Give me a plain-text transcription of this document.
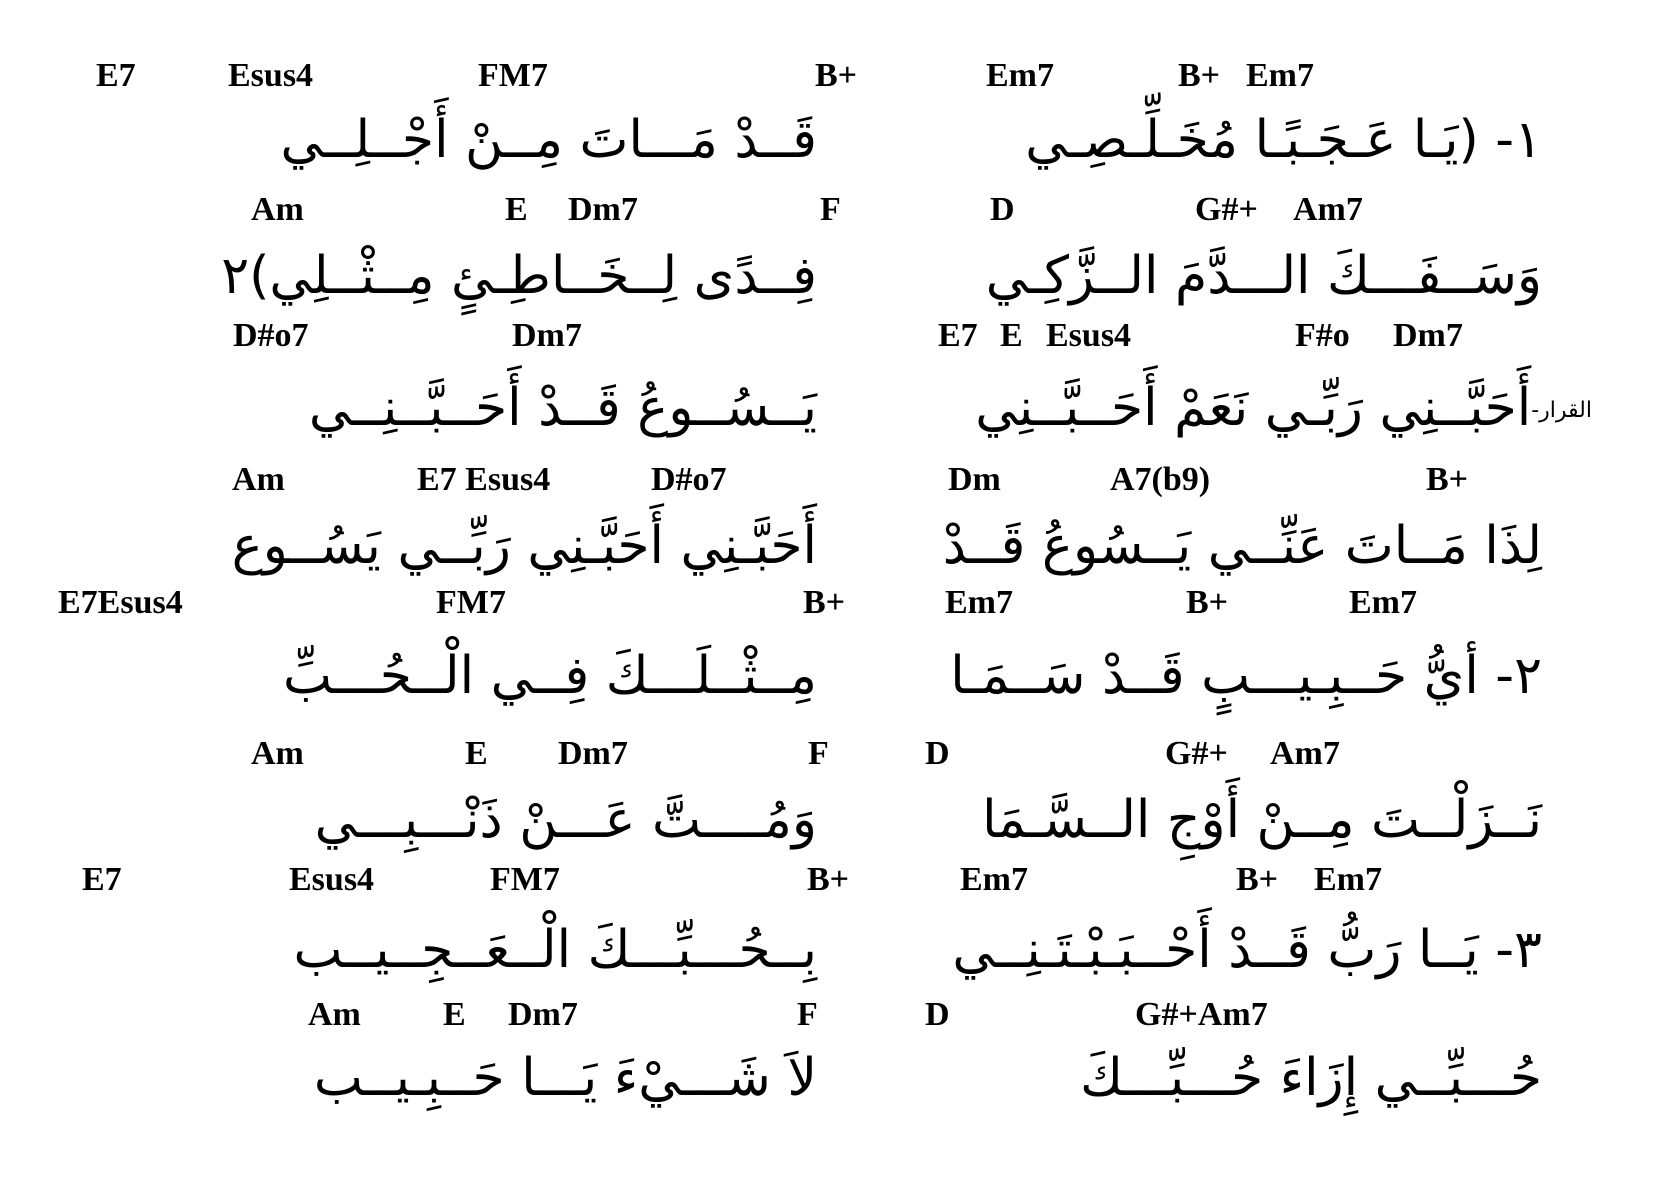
E7	Esus4	FM7	B+	Em7	B+ Em7
١- (يَـا عَـجَـبًـا مُخَـلِّـصِـي
قَــدْ مَـــاتَ مِــنْ أَجْــلِــي
Am	E Dm7	F	D	G#+ Am7
وَسَــفَـــكَ الـــدَّمَ الــزَّكِـي
فِــدًى لِــخَــاطِـئٍ مِــثْــلِي)٢
D#o7	Dm7	E7 E Esus4	F#o Dm7
القرار-أَحَبَّــنِي رَبِّـي نَعَمْ أَحَــبَّــنِي
يَــسُــوعُ قَــدْ أَحَــبَّــنِــي
Am	E7 Esus4	D#o7	Dm	A7(b9)	B+
لِذَا مَــاتَ عَنِّــي يَــسُوعُ قَــدْ
أَحَبَّـنِي أَحَبَّـنِي رَبِّــي يَسُــوع
E7Esus4	FM7	B+	Em7	B+	Em7
٢- أيُّ حَــبِـيـــبٍ قَــدْ سَــمَـا
مِــثْــلَـــكَ فِــي الْــحُـــبِّ
Am	E Dm7	F	D	G#+ Am7
نَــزَلْــتَ مِــنْ أَوْجِ الــسَّـمَا
وَمُــــتَّ عَـــنْ ذَنْـــبِـــي
E7	Esus4	FM7	B+	Em7	B+ Em7
٣- يَــا رَبُّ قَــدْ أَحْــبَـبْـتَـنِــي
بِــحُـــبِّـــكَ الْــعَــجِــيــب
Am E Dm7	F	D	G#+Am7
حُـــبِّــي إِزَاءَ حُـــبِّـــكَ
لاَ شَـــيْءَ يَـــا حَــبِـيــب
